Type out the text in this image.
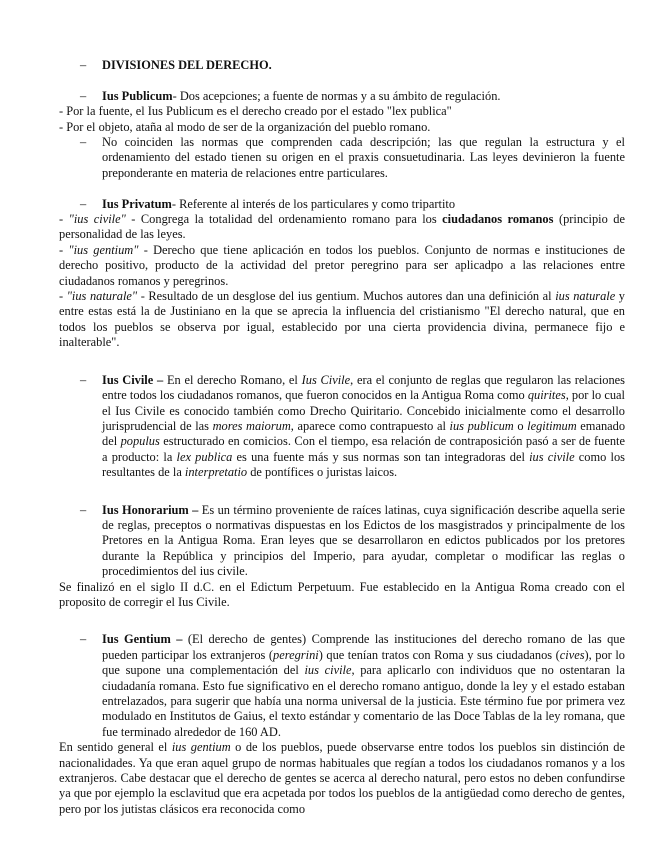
– DIVISIONES DEL DERECHO.

– Ius Publicum- Dos acepciones; a fuente de normas y a su ámbito de regulación.

- Por la fuente, el Ius Publicum es el derecho creado por el estado "lex publica"

- Por el objeto, ataña al modo de ser de la organización del pueblo romano.

– No coinciden las normas que comprenden cada descripción; las que regulan la estructura y el ordenamiento del estado tienen su origen en el praxis consuetudinaria. Las leyes devinieron la fuente preponderante en materia de relaciones entre particulares.

– Ius Privatum- Referente al interés de los particulares y como tripartito

- "ius civile" - Congrega la totalidad del ordenamiento romano para los ciudadanos romanos (principio de personalidad de las leyes.

- "ius gentium" - Derecho que tiene aplicación en todos los pueblos. Conjunto de normas e instituciones de derecho positivo, producto de la actividad del pretor peregrino para ser aplicadpo a las relaciones entre ciudadanos romanos y peregrinos.

- "ius naturale" - Resultado de un desglose del ius gentium. Muchos autores dan una definición al ius naturale y entre estas está la de Justiniano en la que se aprecia la influencia del cristianismo "El derecho natural, que en todos los pueblos se observa por igual, establecido por una cierta providencia divina, permanece fijo e inalterable".

– Ius Civile – En el derecho Romano, el Ius Civile, era el conjunto de reglas que regularon las relaciones entre todos los ciudadanos romanos, que fueron conocidos en la Antigua Roma como quirites, por lo cual el Ius Civile es conocido también como Drecho Quiritario. Concebido inicialmente como el desarrollo jurisprudencial de las mores maiorum, aparece como contrapuesto al ius publicum o legitimum emanado del populus estructurado en comicios. Con el tiempo, esa relación de contraposición pasó a ser de fuente a producto: la lex publica es una fuente más y sus normas son tan integradoras del ius civile como los resultantes de la interpretatio de pontífices o juristas laicos.

– Ius Honorarium – Es un término proveniente de raíces latinas, cuya significación describe aquella serie de reglas, preceptos o normativas dispuestas en los Edictos de los masgistrados y principalmente de los Pretores en la Antigua Roma. Eran leyes que se desarrollaron en edictos publicados por los pretores durante la República y principios del Imperio, para ayudar, completar o modificar las reglas o procedimientos del ius civile.

Se finalizó en el siglo II d.C. en el Edictum Perpetuum. Fue establecido en la Antigua Roma creado con el proposito de corregir el Ius Civile.

– Ius Gentium – (El derecho de gentes) Comprende las instituciones del derecho romano de las que pueden participar los extranjeros (peregrini) que tenían tratos con Roma y sus ciudadanos (cives), por lo que supone una complementación del ius civile, para aplicarlo con individuos que no ostentaran la ciudadanía romana. Esto fue significativo en el derecho romano antiguo, donde la ley y el estado estaban entrelazados, para sugerir que había una norma universal de la justicia. Este término fue por primera vez modulado en Institutos de Gaius, el texto estándar y comentario de las Doce Tablas de la ley romana, que fue terminado alrededor de 160 AD.

En sentido general el ius gentium o de los pueblos, puede observarse entre todos los pueblos sin distinción de nacionalidades. Ya que eran aquel grupo de normas habituales que regían a todos los ciudadanos romanos y a los extranjeros. Cabe destacar que el derecho de gentes se acerca al derecho natural, pero estos no deben confundirse ya que por ejemplo la esclavitud que era acpetada por todos los pueblos de la antigüedad como derecho de gentes, pero por los jutistas clásicos era reconocida como
